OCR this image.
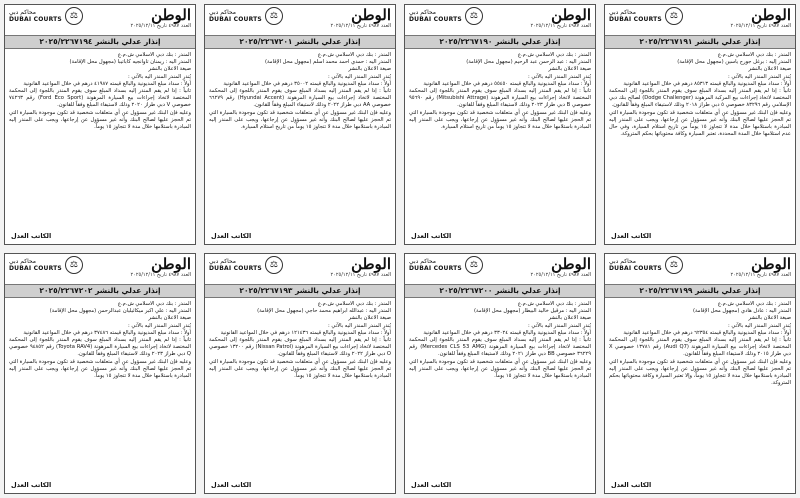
الوطن
العدد ٤٩٨٧ تاريخ ٢٠٢٥/١٢/١١
محاكم دبي
DUBAI COURTS ⚖
إنذار عدلي بالنشر ٢٠٢٥/٢٢٦٧١٩١

المنذر : بنك دبي الاسلامي ش.م.ع

المنذر إليه : برغل جورج ياسين (مجهول محل الإقامة)

صيغة الاعلان بالنشر

يُنذر المنذر المنذر اليه بالآتي :

أولاً : سداد مبلغ المديونية والبالغ قيمته ٨٥٣١٣ درهم في خلال المواعيد القانونية

ثانياً : إذا لم يقم المنذر إليه بسداد المبلغ سوف يقوم المنذر باللجوء إلى المحكمة المختصة لاتخاذ إجراءات بيع المركبة المرهونة (Dodge Challenger) لصالح بنك دبي الإسلامي رقم ٨٣٢٩٦ خصوصي ٥ دبي طراز ٢٠١٨ وذلك لاستيفاء المبلغ وفقاً للقانون.

وعليه فإن البنك غير مسؤول عن أي متعلقات شخصية قد تكون موجودة بالسيارة التي تم الحجز عليها لصالح البنك وأنه غير مسؤول عن إرجاعها، ويجب على المنذر إليه المبادرة باستلامها خلال مدة لا تتجاوز ١٥ يوماً من تاريخ استلام السيارة، وفي حال عدم استلامها خلال المدة المحددة، تعتبر السيارة وكافة محتوياتها بحكم المتروكة.

الكاتب العدل
الوطن
العدد ٤٩٨٧ تاريخ ٢٠٢٥/١٢/١١
محاكم دبي
DUBAI COURTS ⚖
إنذار عدلي بالنشر ٢٠٢٥/٢٢٦٧١٩٠

المنذر : بنك دبي الاسلامي ش.م.ع

المنذر اليه : عبد الرحمن عبد الرحيم (مجهول محل الإقامة)

صيغة الاعلان بالنشر

يُنذر المنذر المنذر اليه بالآتي :

أولاً : سداد مبلغ المديونية والبالغ قيمته ٥٥٤٥٠ درهم في خلال المواعيد القانونية

ثانياً : إذا لم يقم المنذر إليه بسداد المبلغ سوف يقوم المنذر باللجوء إلى المحكمة المختصة لاتخاذ إجراءات بيع السيارة المرهونة (Mitsubishi Attrage) رقم ٩٥٦٩٠ خصوصي B دبي طراز ٢٠٢٣ وذلك لاستيفاء المبلغ وفقاً للقانون.

وعليه فإن البنك غير مسؤول عن أي متعلقات شخصية قد تكون موجودة بالسيارة التي تم الحجز عليها لصالح البنك وأنه غير مسؤول عن إرجاعها، ويجب على المنذر إليه المبادرة باستلامها خلال مدة لا تتجاوز ١٥ يوماً من تاريخ استلام السيارة.

الكاتب العدل
الوطن
العدد ٤٩٨٧ تاريخ ٢٠٢٥/١٢/١١
محاكم دبي
DUBAI COURTS ⚖
إنذار عدلي بالنشر ٢٠٢٥/٢٢٦٧٢٠١

المنذر : بنك دبي الاسلامي ش.م.ع

المنذر اليه : حمدي احمد محمد اسلم (مجهول محل الإقامة)

صيغة الاعلان بالنشر

يُنذر المنذر المنذر اليه بالآتي :

أولاً : سداد مبلغ المديونية والبالغ قيمته ٣٥٠٠٢ درهم في خلال المواعيد القانونية

ثانياً : إذا لم يقم المنذر إليه بسداد المبلغ سوف يقوم المنذر باللجوء إلى المحكمة المختصة لاتخاذ إجراءات بيع السيارة المرهونة (Hyundai Accent) رقم ٦٦٢٧٩ خصوصي AA دبي طراز ٢٠٢٢ وذلك لاستيفاء المبلغ وفقاً للقانون.

وعليه فإن البنك غير مسؤول عن أي متعلقات شخصية قد تكون موجودة بالسيارة التي تم الحجز عليها لصالح البنك وأنه غير مسؤول عن إرجاعها، ويجب على المنذر إليه المبادرة باستلامها خلال مدة لا تتجاوز ١٥ يوماً من تاريخ استلام السيارة.

الكاتب العدل
الوطن
العدد ٤٩٨٧ تاريخ ٢٠٢٥/١٢/١١
محاكم دبي
DUBAI COURTS ⚖
إنذار عدلي بالنشر ٢٠٢٥/٢٢٦٧١٩٤

المنذر : بنك دبي الاسلامي ش.م.ع

المنذر اليه : ريمنان تاوانجيه كاباتيبا (مجهول محل الإقامة)

صيغة الاعلان بالنشر

يُنذر المنذر المنذر اليه بالآتي :

أولاً : سداد مبلغ المديونية والبالغ قيمته ٤١٩٨٧ درهم في خلال المواعيد القانونية

ثانياً : إذا لم يقم المنذر إليه بسداد المبلغ سوف يقوم المنذر باللجوء إلى المحكمة المختصة لاتخاذ إجراءات بيع السيارة المرهونة (Ford Eco Sport) رقم ٧٤٢٦٣ خصوصي V دبي طراز ٢٠٢٠ وذلك لاستيفاء المبلغ وفقاً للقانون.

وعليه فإن البنك غير مسؤول عن أي متعلقات شخصية قد تكون موجودة بالسيارة التي تم الحجز عليها لصالح البنك وأنه غير مسؤول عن إرجاعها، ويجب على المنذر إليه المبادرة باستلامها خلال مدة لا تتجاوز ١٥ يوماً.

الكاتب العدل
الوطن
العدد ٤٩٨٧ تاريخ ٢٠٢٥/١٢/١١
محاكم دبي
DUBAI COURTS ⚖
إنذار عدلي بالنشر ٢٠٢٥/٢٢٦٧١٩٩

المنذر : بنك دبي الاسلامي ش.م.ع

المنذر اليه : عادل هادي (مجهول محل الإقامة)

صيغة الاعلان بالنشر

يُنذر المنذر المنذر اليه بالآتي :

أولاً : سداد مبلغ المديونية والبالغ قيمته ٦٢٣٥٤ درهم في خلال المواعيد القانونية

ثانياً : إذا لم يقم المنذر إليه بسداد المبلغ سوف يقوم المنذر باللجوء إلى المحكمة المختصة لاتخاذ إجراءات بيع السيارة المرهونة (Audi Q7) رقم ١٣٧٨١ خصوصي X دبي طراز ٢٠١٥ وذلك لاستيفاء المبلغ وفقاً للقانون.

وعليه فإن البنك غير مسؤول عن أي متعلقات شخصية قد تكون موجودة بالسيارة التي تم الحجز عليها لصالح البنك وأنه غير مسؤول عن إرجاعها، ويجب على المنذر إليه المبادرة باستلامها خلال مدة لا تتجاوز ١٥ يوماً، وإلا تعتبر السيارة وكافة محتوياتها بحكم المتروكة.

الكاتب العدل
الوطن
العدد ٤٩٨٧ تاريخ ٢٠٢٥/١٢/١١
محاكم دبي
DUBAI COURTS ⚖
إنذار عدلي بالنشر ٢٠٢٥/٢٢٦٧٢٠٠

المنذر : بنك دبي الاسلامي ش.م.ع

المنذر اليه : مرقيل خاليد البيطار (مجهول محل الإقامة)

صيغة الاعلان بالنشر

يُنذر المنذر المنذر اليه بالآتي :

أولاً : سداد مبلغ المديونية والبالغ قيمته ٣٣٠٢٤ درهم في خلال المواعيد القانونية

ثانياً : إذا لم يقم المنذر إليه بسداد المبلغ سوف يقوم المنذر باللجوء إلى المحكمة المختصة لاتخاذ إجراءات بيع السيارة المرهونة (Mercedes CLS 53 AMG) رقم ٣٦٢٢٩ خصوصي BB دبي طراز ٢٠٢١ وذلك لاستيفاء المبلغ وفقاً للقانون.

وعليه فإن البنك غير مسؤول عن أي متعلقات شخصية قد تكون موجودة بالسيارة التي تم الحجز عليها لصالح البنك وأنه غير مسؤول عن إرجاعها، ويجب على المنذر إليه المبادرة باستلامها خلال مدة لا تتجاوز ١٥ يوماً.

الكاتب العدل
الوطن
العدد ٤٩٨٧ تاريخ ٢٠٢٥/١٢/١١
محاكم دبي
DUBAI COURTS ⚖
إنذار عدلي بالنشر ٢٠٢٥/٢٢٦٧١٩٣

المنذر : بنك دبي الاسلامي ش.م.ع

المنذر اليه : عبدالله ابراهيم محمد حاجي (مجهول محل الإقامة)

صيغة الاعلان بالنشر

يُنذر المنذر المنذر اليه بالآتي :

أولاً : سداد مبلغ المديونية والبالغ قيمته ١٢١٤٣٦ درهم في خلال المواعيد القانونية

ثانياً : إذا لم يقم المنذر إليه بسداد المبلغ سوف يقوم المنذر باللجوء إلى المحكمة المختصة لاتخاذ إجراءات بيع السيارة المرهونة (Nissan Patrol) رقم ١٣٢٠٠ خصوصي O دبي طراز ٢٠٢٢ وذلك لاستيفاء المبلغ وفقاً للقانون.

وعليه فإن البنك غير مسؤول عن أي متعلقات شخصية قد تكون موجودة بالسيارة التي تم الحجز عليها لصالح البنك وأنه غير مسؤول عن إرجاعها، ويجب على المنذر إليه المبادرة باستلامها خلال مدة لا تتجاوز ١٥ يوماً.

الكاتب العدل
الوطن
العدد ٤٩٨٧ تاريخ ٢٠٢٥/١٢/١١
محاكم دبي
DUBAI COURTS ⚖
إنذار عدلي بالنشر ٢٠٢٥/٢٢٦٧٢٠٢

المنذر : بنك دبي الاسلامي ش.م.ع

المنذر اليه : علي اكبر ميكائيليان عبدالرحمن (مجهول محل الإقامة)

صيغة الاعلان بالنشر

يُنذر المنذر المنذر اليه بالآتي :

أولاً : سداد مبلغ المديونية والبالغ قيمته ٣٧٤٨٦ درهم في خلال المواعيد القانونية

ثانياً : إذا لم يقم المنذر إليه بسداد المبلغ سوف يقوم المنذر باللجوء إلى المحكمة المختصة لاتخاذ إجراءات بيع السيارة المرهونة (Toyota RAV4) رقم ٩٤٨٥٢ خصوصي Q دبي طراز ٢٠٢٣ وذلك لاستيفاء المبلغ وفقاً للقانون.

وعليه فإن البنك غير مسؤول عن أي متعلقات شخصية قد تكون موجودة بالسيارة التي تم الحجز عليها لصالح البنك وأنه غير مسؤول عن إرجاعها، ويجب على المنذر إليه المبادرة باستلامها خلال مدة لا تتجاوز ١٥ يوماً.

الكاتب العدل
